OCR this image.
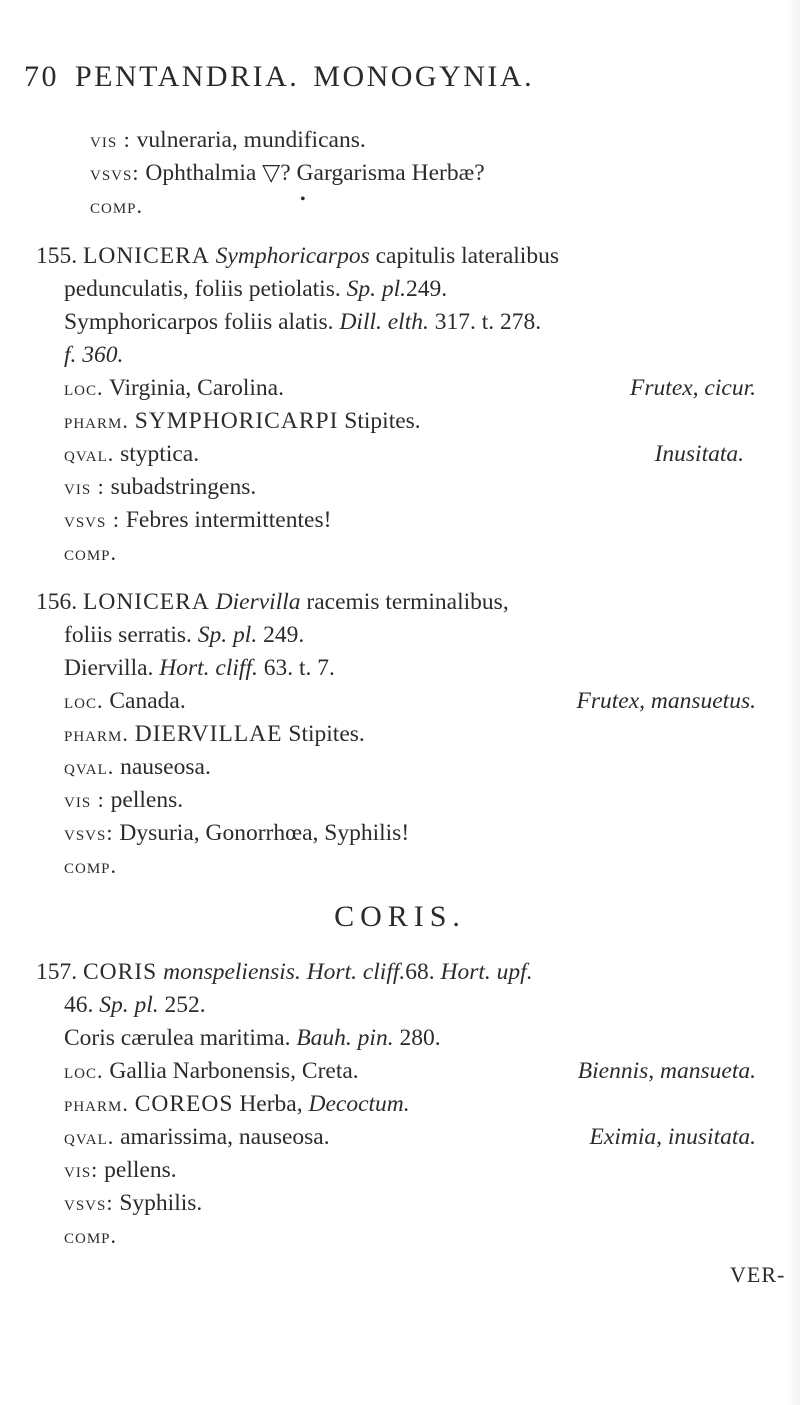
70 PENTANDRIA. MONOGYNIA.
vis : vulneraria, mundificans.
vsvs: Ophthalmia ▽? Gargarisma Herbæ?
comp.	•
155. LONICERA Symphoricarpos capitulis lateralibus
pedunculatis, foliis petiolatis. Sp. pl.249.
Symphoricarpos foliis alatis. Dill. elth. 317. t. 278.
f. 360.
loc. Virginia, Carolina.	Frutex, cicur.
pharm. SYMPHORICARPI Stipites.
qval. styptica.	Inusitata.
vis : subadstringens.
vsvs : Febres intermittentes!
comp.
156. LONICERA Diervilla racemis terminalibus,
foliis serratis. Sp. pl. 249.
Diervilla. Hort. cliff. 63. t. 7.
loc. Canada.	Frutex, mansuetus.
pharm. DIERVILLAE Stipites.
qval. nauseosa.
vis : pellens.
CORIS.
157. CORIS monspeliensis. Hort. cliff.68. Hort. upf.
46. Sp. pl. 252.
Coris cærulea maritima. Bauh. pin. 280.
loc. Gallia Narbonensis, Creta.	Biennis, mansueta.
pharm. COREOS Herba, Decoctum.
qval. amarissima, nauseosa.	Eximia, inusitata.
vis: pellens.
vsvs: Syphilis.
comp.
VER-
vsvs: Dysuria, Gonorrhœa, Syphilis!
comp.
